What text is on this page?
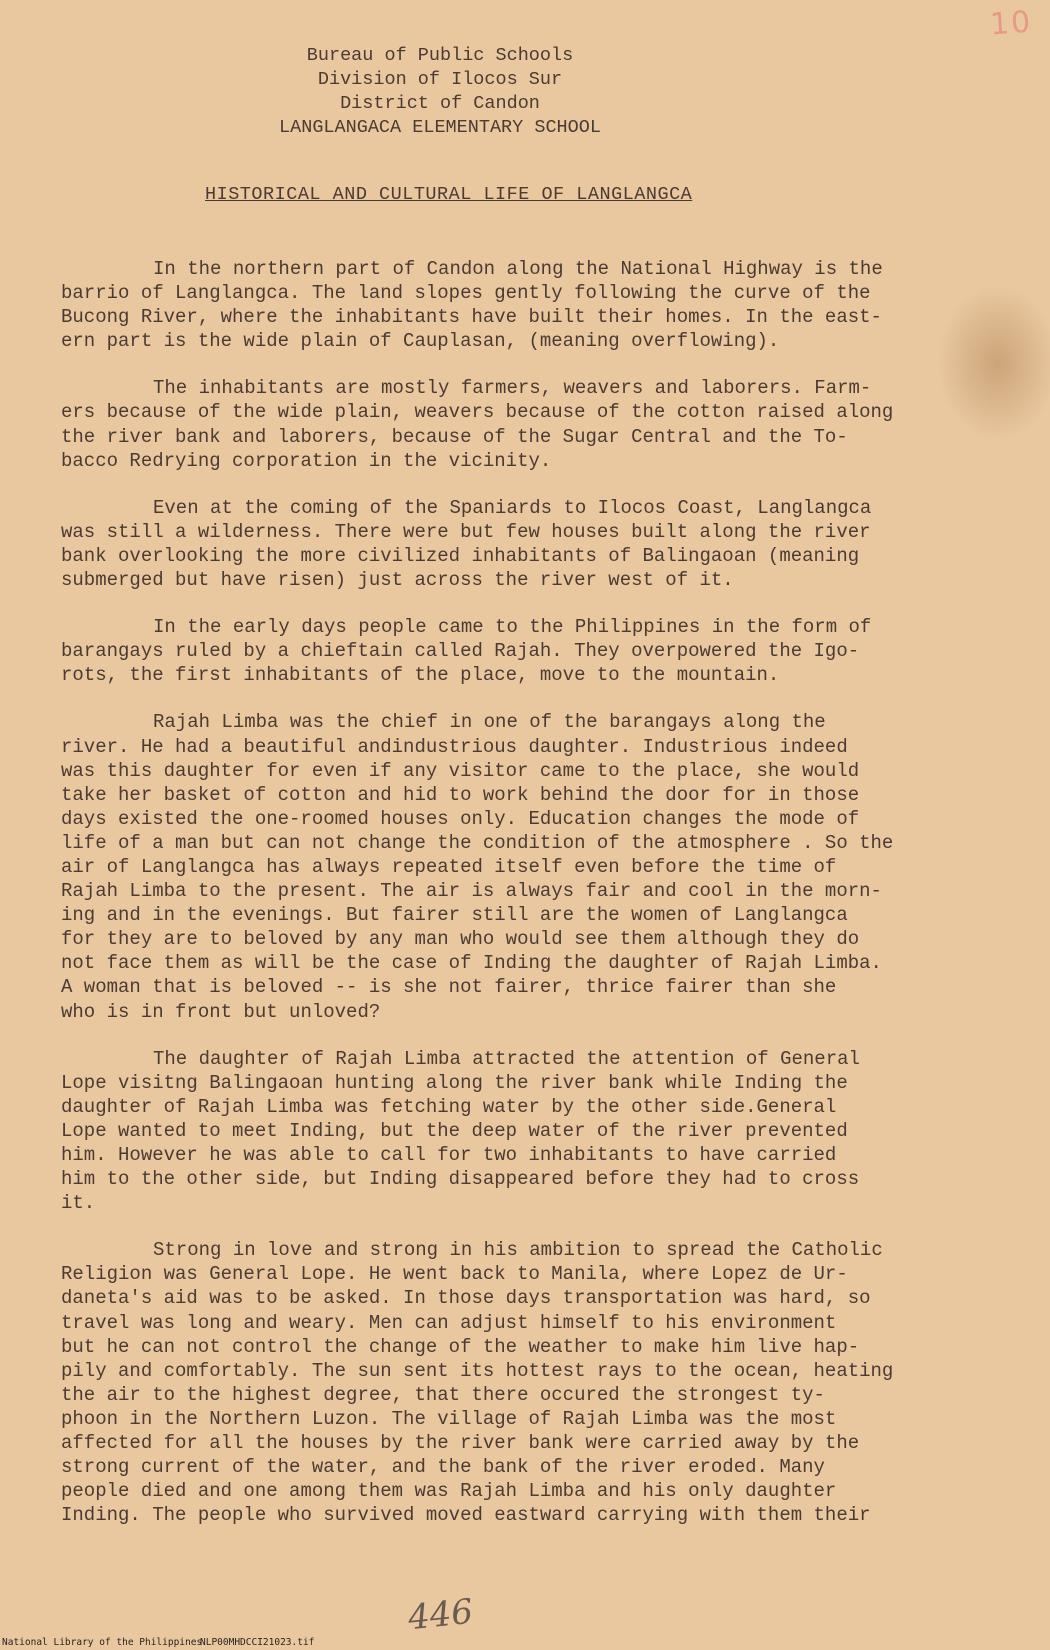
10
Bureau of Public Schools
Division of Ilocos Sur
District of Candon
LANGLANGACA ELEMENTARY SCHOOL
HISTORICAL AND CULTURAL LIFE OF LANGLANGCA
In the northern part of Candon along the National Highway is the
barrio of Langlangca. The land slopes gently following the curve of the
Bucong River, where the inhabitants have built their homes. In the east-
ern part is the wide plain of Cauplasan, (meaning overflowing).
The inhabitants are mostly farmers, weavers and laborers. Farm-
ers because of the wide plain, weavers because of the cotton raised along
the river bank and laborers, because of the Sugar Central and the To-
bacco Redrying corporation in the vicinity.
Even at the coming of the Spaniards to Ilocos Coast, Langlangca
was still a wilderness. There were but few houses built along the river
bank overlooking the more civilized inhabitants of Balingaoan (meaning
submerged but have risen) just across the river west of it.
In the early days people came to the Philippines in the form of
barangays ruled by a chieftain called Rajah. They overpowered the Igo-
rots, the first inhabitants of the place, move to the mountain.
Rajah Limba was the chief in one of the barangays along the
river. He had a beautiful andindustrious daughter. Industrious indeed
was this daughter for even if any visitor came to the place, she would
take her basket of cotton and hid to work behind the door for in those
days existed the one-roomed houses only. Education changes the mode of
life of a man but can not change the condition of the atmosphere . So the
air of Langlangca has always repeated itself even before the time of
Rajah Limba to the present. The air is always fair and cool in the morn-
ing and in the evenings. But fairer still are the women of Langlangca
for they are to beloved by any man who would see them although they do
not face them as will be the case of Inding the daughter of Rajah Limba.
A woman that is beloved -- is she not fairer, thrice fairer than she
who is in front but unloved?
The daughter of Rajah Limba attracted the attention of General
Lope visitng Balingaoan hunting along the river bank while Inding the
daughter of Rajah Limba was fetching water by the other side.General
Lope wanted to meet Inding, but the deep water of the river prevented
him. However he was able to call for two inhabitants to have carried
him to the other side, but Inding disappeared before they had to cross
it.
Strong in love and strong in his ambition to spread the Catholic
Religion was General Lope. He went back to Manila, where Lopez de Ur-
daneta's aid was to be asked. In those days transportation was hard, so
travel was long and weary. Men can adjust himself to his environment
but he can not control the change of the weather to make him live hap-
pily and comfortably. The sun sent its hottest rays to the ocean, heating
the air to the highest degree, that there occured the strongest ty-
phoon in the Northern Luzon. The village of Rajah Limba was the most
affected for all the houses by the river bank were carried away by the
strong current of the water, and the bank of the river eroded. Many
people died and one among them was Rajah Limba and his only daughter
Inding. The people who survived moved eastward carrying with them their
446

National Library of the Philippines

NLP00MHDCCI21023.tif
